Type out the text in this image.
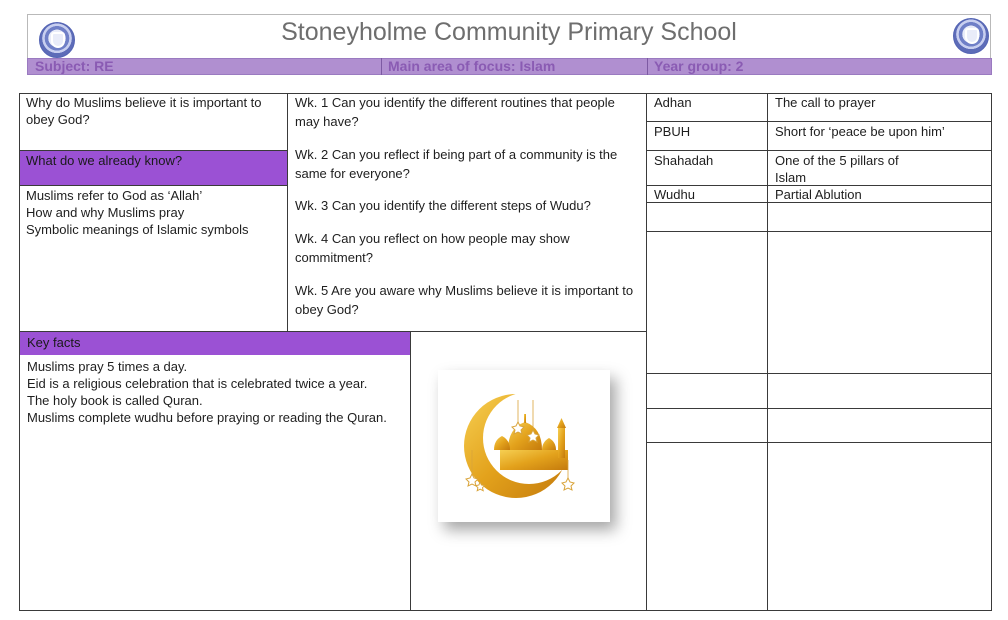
Stoneyholme Community Primary School
Subject: RE	Main area of focus: Islam	Year group: 2
Why do Muslims believe it is important to obey God?
What do we already know?
Muslims refer to God as ‘Allah’
How and why Muslims pray
Symbolic meanings of Islamic symbols
Wk. 1 Can you identify the different routines that people may have?
Wk. 2 Can you reflect if being part of a community is the same for everyone?
Wk. 3 Can you identify the different steps of Wudu?
Wk. 4 Can you reflect on how people may show commitment?
Wk. 5 Are you aware why Muslims believe it is important to obey God?
Key facts
Muslims pray 5 times a day.
Eid is a religious celebration that is celebrated twice a year.
The holy book is called Quran.
Muslims complete wudhu before praying or reading the Quran.
Adhan	The call to prayer
PBUH	Short for ‘peace be upon him’
Shahadah	One of the 5 pillars of Islam
Wudhu	Partial Ablution
